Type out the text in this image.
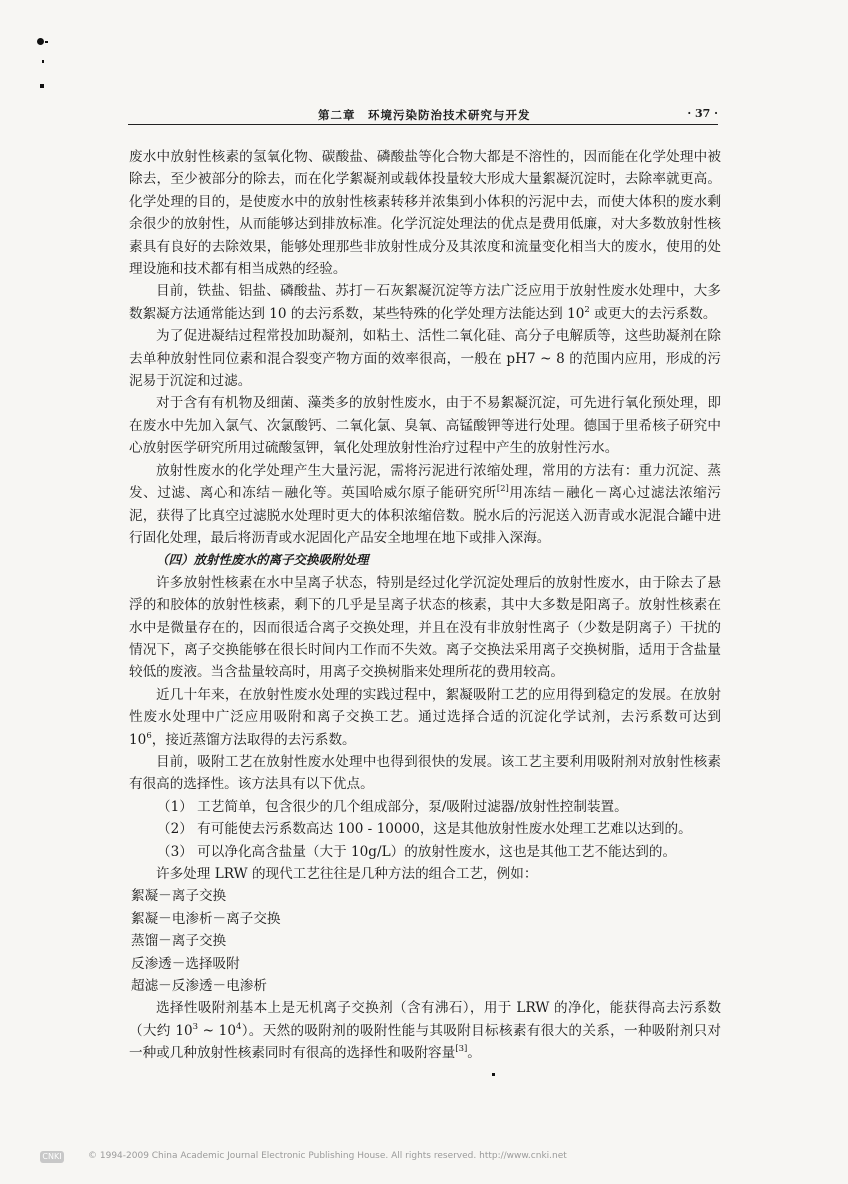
第二章　环境污染防治技术研究与开发	· 37 ·

废水中放射性核素的氢氧化物、碳酸盐、磷酸盐等化合物大都是不溶性的，因而能在化学处理中被除去，至少被部分的除去，而在化学絮凝剂或载体投量较大形成大量絮凝沉淀时，去除率就更高。化学处理的目的，是使废水中的放射性核素转移并浓集到小体积的污泥中去，而使大体积的废水剩余很少的放射性，从而能够达到排放标准。化学沉淀处理法的优点是费用低廉，对大多数放射性核素具有良好的去除效果，能够处理那些非放射性成分及其浓度和流量变化相当大的废水，使用的处理设施和技术都有相当成熟的经验。

目前，铁盐、铝盐、磷酸盐、苏打－石灰絮凝沉淀等方法广泛应用于放射性废水处理中，大多数絮凝方法通常能达到 10 的去污系数，某些特殊的化学处理方法能达到 $10^2$ 或更大的去污系数。

为了促进凝结过程常投加助凝剂，如粘土、活性二氧化硅、高分子电解质等，这些助凝剂在除去单种放射性同位素和混合裂变产物方面的效率很高，一般在 pH7 ~ 8 的范围内应用，形成的污泥易于沉淀和过滤。

对于含有有机物及细菌、藻类多的放射性废水，由于不易絮凝沉淀，可先进行氧化预处理，即在废水中先加入氯气、次氯酸钙、二氧化氯、臭氧、高锰酸钾等进行处理。德国于里希核子研究中心放射医学研究所用过硫酸氢钾，氧化处理放射性治疗过程中产生的放射性污水。

放射性废水的化学处理产生大量污泥，需将污泥进行浓缩处理，常用的方法有：重力沉淀、蒸发、过滤、离心和冻结－融化等。英国哈威尔原子能研究所[2]用冻结－融化－离心过滤法浓缩污泥，获得了比真空过滤脱水处理时更大的体积浓缩倍数。脱水后的污泥送入沥青或水泥混合罐中进行固化处理，最后将沥青或水泥固化产品安全地埋在地下或排入深海。

（四）放射性废水的离子交换吸附处理

许多放射性核素在水中呈离子状态，特别是经过化学沉淀处理后的放射性废水，由于除去了悬浮的和胶体的放射性核素，剩下的几乎是呈离子状态的核素，其中大多数是阳离子。放射性核素在水中是微量存在的，因而很适合离子交换处理，并且在没有非放射性离子（少数是阴离子）干扰的情况下，离子交换能够在很长时间内工作而不失效。离子交换法采用离子交换树脂，适用于含盐量较低的废液。当含盐量较高时，用离子交换树脂来处理所花的费用较高。

近几十年来，在放射性废水处理的实践过程中，絮凝吸附工艺的应用得到稳定的发展。在放射性废水处理中广泛应用吸附和离子交换工艺。通过选择合适的沉淀化学试剂，去污系数可达到 $10^6$，接近蒸馏方法取得的去污系数。

目前，吸附工艺在放射性废水处理中也得到很快的发展。该工艺主要利用吸附剂对放射性核素有很高的选择性。该方法具有以下优点。

（1） 工艺简单，包含很少的几个组成部分，泵/吸附过滤器/放射性控制装置。

（2） 有可能使去污系数高达 100 - 10000，这是其他放射性废水处理工艺难以达到的。

（3） 可以净化高含盐量（大于 10g/L）的放射性废水，这也是其他工艺不能达到的。

许多处理 LRW 的现代工艺往往是几种方法的组合工艺，例如：

絮凝－离子交换

絮凝－电渗析－离子交换

蒸馏－离子交换

反渗透－选择吸附

超滤－反渗透－电渗析

选择性吸附剂基本上是无机离子交换剂（含有沸石），用于 LRW 的净化，能获得高去污系数（大约 $10^3$ ~ $10^4$）。天然的吸附剂的吸附性能与其吸附目标核素有很大的关系，一种吸附剂只对一种或几种放射性核素同时有很高的选择性和吸附容量[3]。

CNKI	© 1994-2009 China Academic Journal Electronic Publishing House. All rights reserved. http://www.cnki.net
